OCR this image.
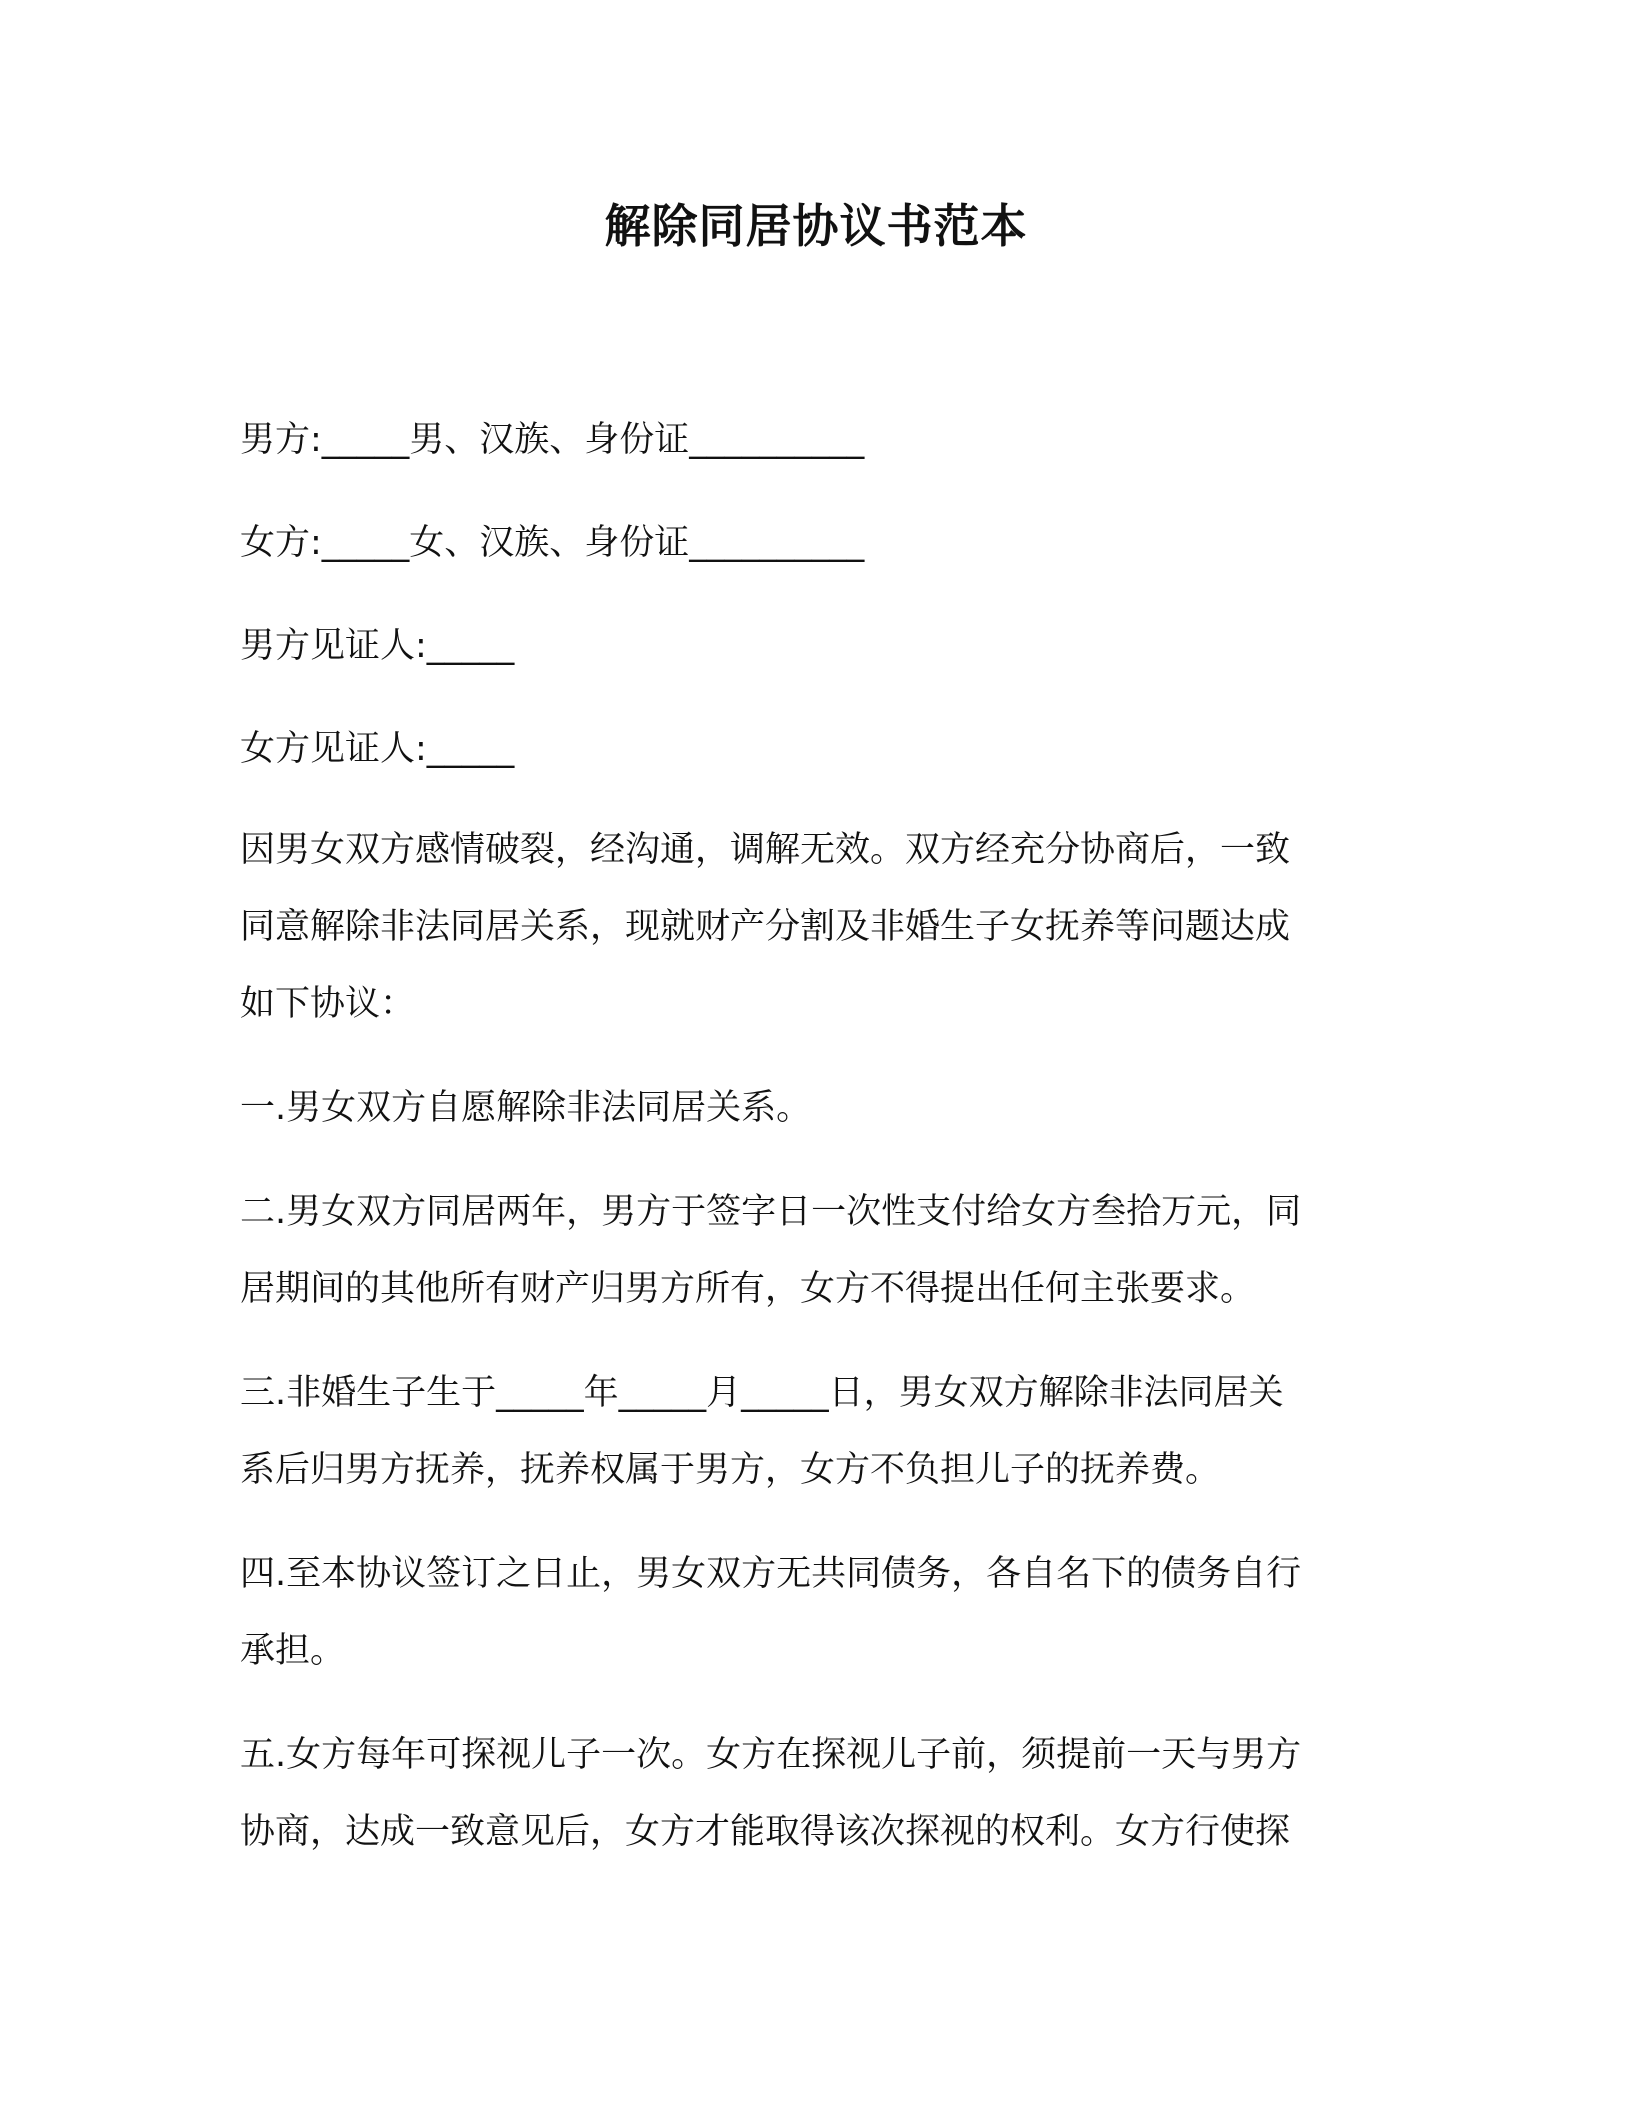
解除同居协议书范本

男方:_____男、汉族、身份证__________

女方:_____女、汉族、身份证__________

男方见证人:_____

女方见证人:_____

因男女双方感情破裂，经沟通，调解无效。双方经充分协商后，一致
同意解除非法同居关系，现就财产分割及非婚生子女抚养等问题达成
如下协议：

一.男女双方自愿解除非法同居关系。

二.男女双方同居两年，男方于签字日一次性支付给女方叁拾万元，同
居期间的其他所有财产归男方所有，女方不得提出任何主张要求。

三.非婚生子生于_____年_____月_____日，男女双方解除非法同居关
系后归男方抚养，抚养权属于男方，女方不负担儿子的抚养费。

四.至本协议签订之日止，男女双方无共同债务，各自名下的债务自行
承担。

五.女方每年可探视儿子一次。女方在探视儿子前，须提前一天与男方
协商，达成一致意见后，女方才能取得该次探视的权利。女方行使探
